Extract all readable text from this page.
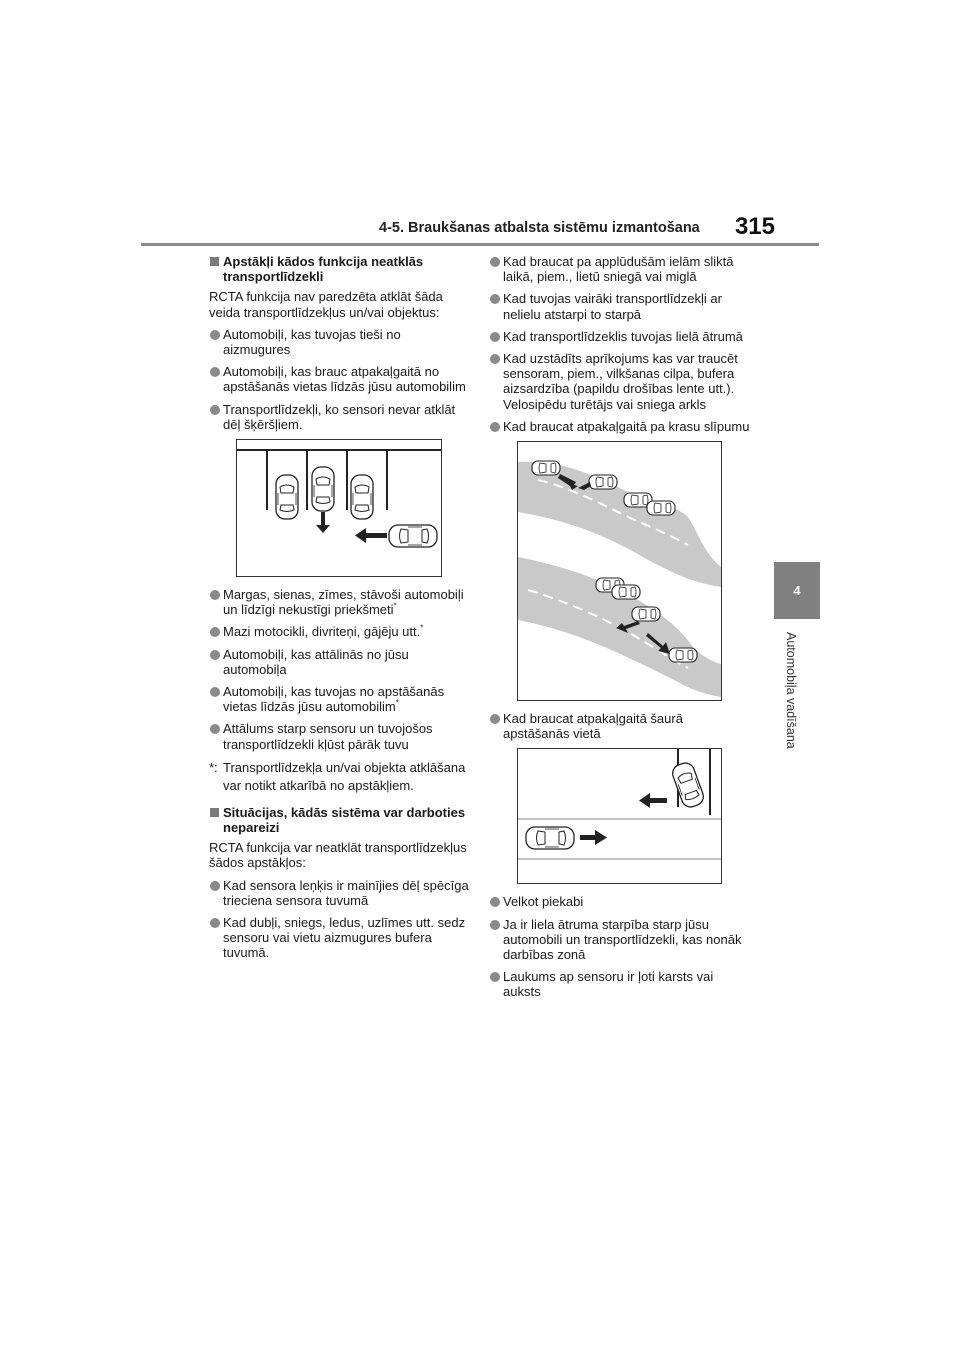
4-5. Braukšanas atbalsta sistēmu izmantošana 315
4
Automobiļa vadīšana
Apstākļi kādos funkcija neatklās transportlīdzekli
RCTA funkcija nav paredzēta atklāt šāda veida transportlīdzekļus un/vai objektus:
Automobiļi, kas tuvojas tieši no aizmugures
Automobiļi, kas brauc atpakaļgaitā no apstāšanās vietas līdzās jūsu automobilim
Transportlīdzekļi, ko sensori nevar atklāt dēļ šķēršļiem.
Margas, sienas, zīmes, stāvoši automobiļi un līdzīgi nekustīgi priekšmeti*
Mazi motocikli, divriteņi, gājēju utt.*
Automobiļi, kas attālinās no jūsu automobiļa
Automobiļi, kas tuvojas no apstāšanās vietas līdzās jūsu automobilim*
Attālums starp sensoru un tuvojošos transportlīdzekli kļūst pārāk tuvu
*: Transportlīdzekļa un/vai objekta atklāšana var notikt atkarībā no apstākļiem.
Situācijas, kādās sistēma var darboties nepareizi
RCTA funkcija var neatklāt transportlīdzekļus šādos apstākļos:
Kad sensora leņķis ir mainījies dēļ spēcīga trieciena sensora tuvumā
Kad dubļi, sniegs, ledus, uzlīmes utt. sedz sensoru vai vietu aizmugures bufera tuvumā.
Kad braucat pa applūdušām ielām sliktā laikā, piem., lietū sniegā vai miglā
Kad tuvojas vairāki transportlīdzekļi ar nelielu atstarpi to starpā
Kad transportlīdzeklis tuvojas lielā ātrumā
Kad uzstādīts aprīkojums kas var traucēt sensoram, piem., vilkšanas cilpa, bufera aizsardzība (papildu drošības lente utt.). Velosipēdu turētājs vai sniega arkls
Kad braucat atpakaļgaitā pa krasu slīpumu
Kad braucat atpakaļgaitā šaurā apstāšanās vietā
Velkot piekabi
Ja ir liela ātruma starpība starp jūsu automobili un transportlīdzekli, kas nonāk darbības zonā
Laukums ap sensoru ir ļoti karsts vai auksts
